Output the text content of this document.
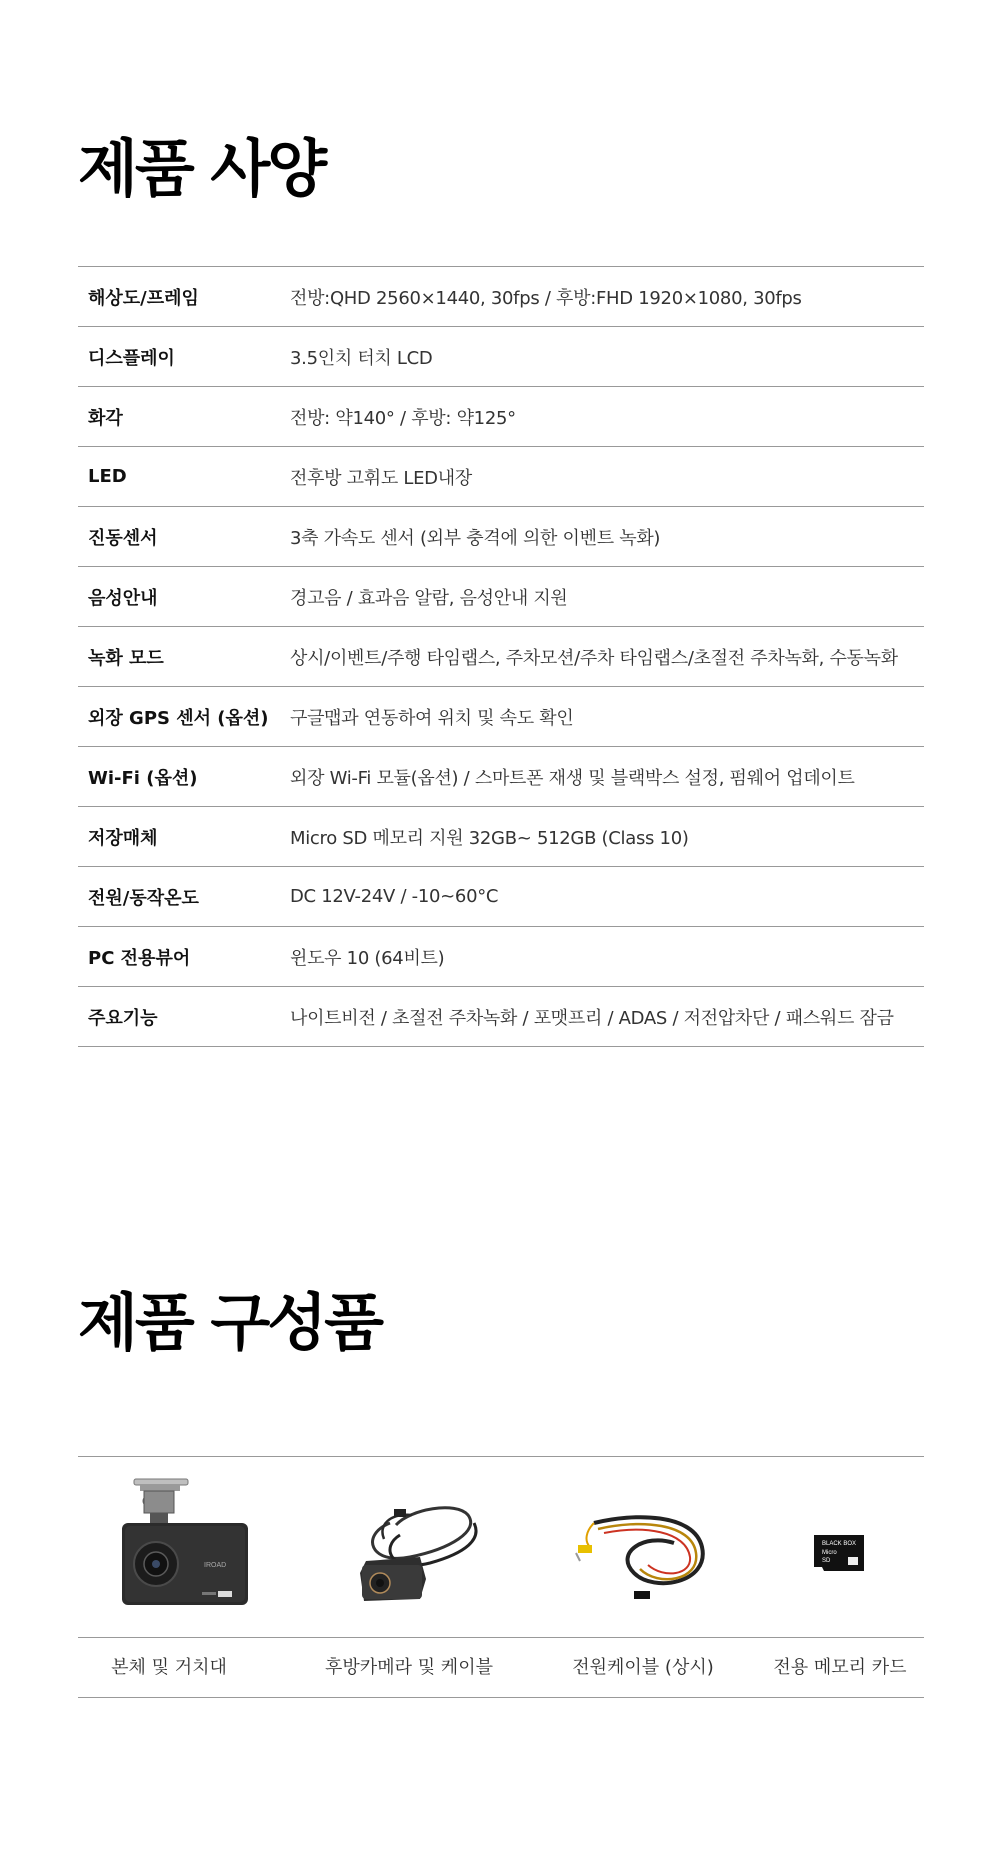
제품 사양
해상도/프레임	전방:QHD 2560×1440, 30fps / 후방:FHD 1920×1080, 30fps
디스플레이	3.5인치 터치 LCD
화각	전방: 약140° / 후방: 약125°
LED	전후방 고휘도 LED내장
진동센서	3축 가속도 센서 (외부 충격에 의한 이벤트 녹화)
음성안내	경고음 / 효과음 알람, 음성안내 지원
녹화 모드	상시/이벤트/주행 타임랩스, 주차모션/주차 타임랩스/초절전 주차녹화, 수동녹화
외장 GPS 센서 (옵션)	구글맵과 연동하여 위치 및 속도 확인
Wi-Fi (옵션)	외장 Wi-Fi 모듈(옵션) / 스마트폰 재생 및 블랙박스 설정, 펌웨어 업데이트
저장매체	Micro SD 메모리 지원 32GB~ 512GB (Class 10)
전원/동작온도	DC 12V-24V / -10~60°C
PC 전용뷰어	윈도우 10 (64비트)
주요기능	나이트비전 / 초절전 주차녹화 / 포맷프리 / ADAS / 저전압차단 / 패스워드 잠금
제품 구성품
IROAD
BLACK BOX
Micro
SD
본체 및 거치대	후방카메라 및 케이블	전원케이블 (상시)	전용 메모리 카드
